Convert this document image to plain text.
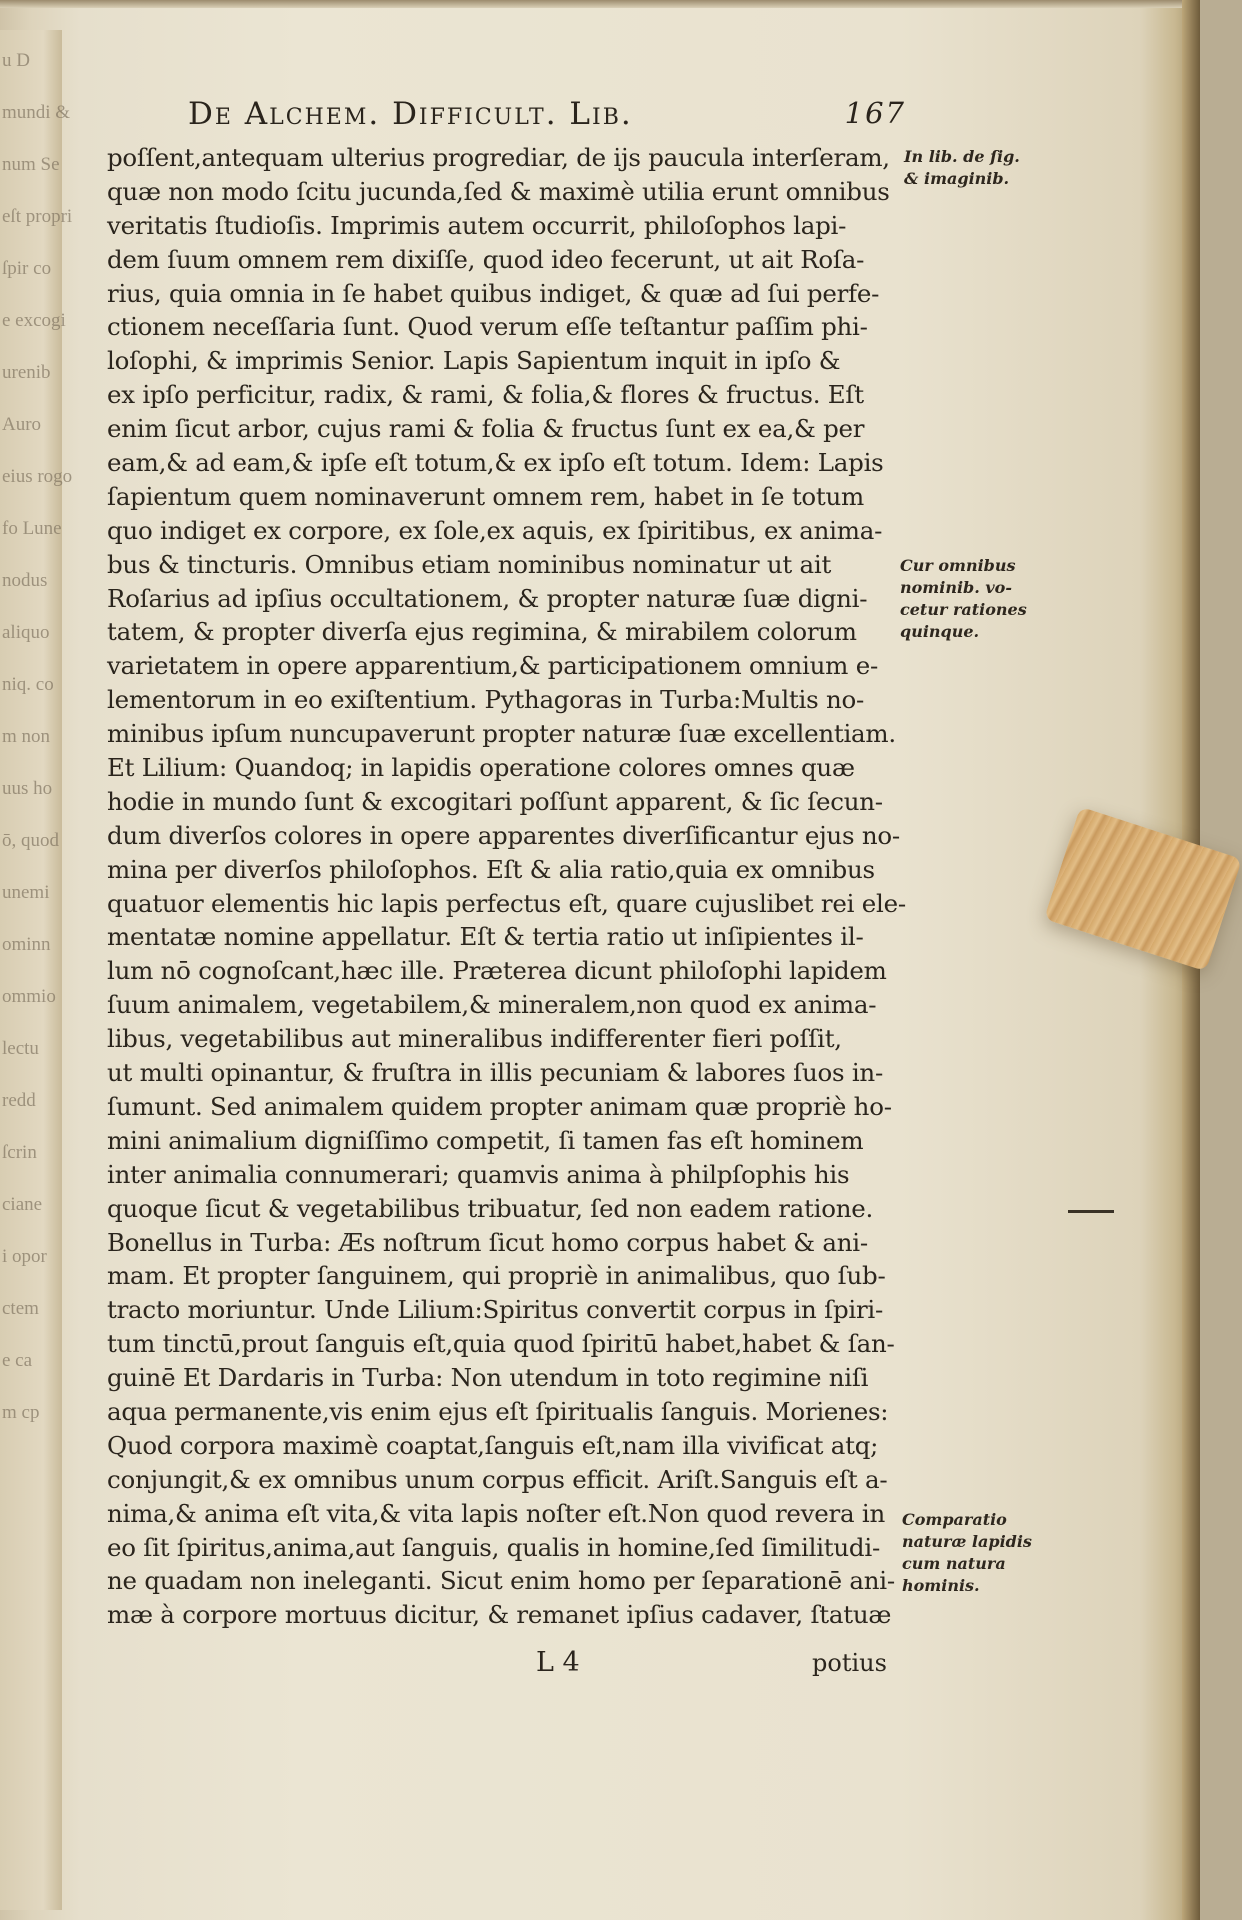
u D
mundi &
num Se
eſt propri
ſpir co
e excogi
urenib
Auro
eius rogo
fo Lune
nodus
aliquo
niq. co
m non
uus ho
ō, quod
unemi
ominn
ommio
lectu
redd
ſcrin
ciane
i opor
ctem
e ca
m cp
De Alchem. Difficult. Lib.	167
poſſent,antequam ulterius progrediar, de ijs paucula interſeram,
quæ non modo ſcitu jucunda,ſed & maximè utilia erunt omnibus
veritatis ſtudioſis. Imprimis autem occurrit, philoſophos lapi-
dem ſuum omnem rem dixiſſe, quod ideo fecerunt, ut ait Roſa-
rius, quia omnia in ſe habet quibus indiget, & quæ ad ſui perfe-
ctionem neceſſaria ſunt. Quod verum eſſe teſtantur paſſim phi-
loſophi, & imprimis Senior. Lapis Sapientum inquit in ipſo &
ex ipſo perficitur, radix, & rami, & folia,& flores & fructus. Eſt
enim ſicut arbor, cujus rami & folia & fructus ſunt ex ea,& per
eam,& ad eam,& ipſe eſt totum,& ex ipſo eſt totum. Idem: Lapis
ſapientum quem nominaverunt omnem rem, habet in ſe totum
quo indiget ex corpore, ex ſole,ex aquis, ex ſpiritibus, ex anima-
bus & tincturis. Omnibus etiam nominibus nominatur ut ait
Roſarius ad ipſius occultationem, & propter naturæ ſuæ digni-
tatem, & propter diverſa ejus regimina, & mirabilem colorum
varietatem in opere apparentium,& participationem omnium e-
lementorum in eo exiſtentium. Pythagoras in Turba:Multis no-
minibus ipſum nuncupaverunt propter naturæ ſuæ excellentiam.
Et Lilium: Quandoq; in lapidis operatione colores omnes quæ
hodie in mundo ſunt & excogitari poſſunt apparent, & ſic ſecun-
dum diverſos colores in opere apparentes diverſificantur ejus no-
mina per diverſos philoſophos. Eſt & alia ratio,quia ex omnibus
quatuor elementis hic lapis perfectus eſt, quare cujuslibet rei ele-
mentatæ nomine appellatur. Eſt & tertia ratio ut inſipientes il-
lum nō cognoſcant,hæc ille. Præterea dicunt philoſophi lapidem
ſuum animalem, vegetabilem,& mineralem,non quod ex anima-
libus, vegetabilibus aut mineralibus indifferenter fieri poſſit,
ut multi opinantur, & fruſtra in illis pecuniam & labores ſuos in-
ſumunt. Sed animalem quidem propter animam quæ propriè ho-
mini animalium digniſſimo competit, ſi tamen fas eſt hominem
inter animalia connumerari; quamvis anima à philpſophis his
quoque ſicut & vegetabilibus tribuatur, ſed non eadem ratione.
Bonellus in Turba: Æs noſtrum ſicut homo corpus habet & ani-
mam. Et propter ſanguinem, qui propriè in animalibus, quo ſub-
tracto moriuntur. Unde Lilium:Spiritus convertit corpus in ſpiri-
tum tinctū,prout ſanguis eſt,quia quod ſpiritū habet,habet & ſan-
guinē Et Dardaris in Turba: Non utendum in toto regimine niſi
aqua permanente,vis enim ejus eſt ſpiritualis ſanguis. Morienes:
Quod corpora maximè coaptat,ſanguis eſt,nam illa vivificat atq;
conjungit,& ex omnibus unum corpus efficit. Ariſt.Sanguis eſt a-
nima,& anima eſt vita,& vita lapis noſter eſt.Non quod revera in
eo ſit ſpiritus,anima,aut ſanguis, qualis in homine,ſed ſimilitudi-
ne quadam non ineleganti. Sicut enim homo per ſeparationē ani-
mæ à corpore mortuus dicitur, & remanet ipſius cadaver, ſtatuæ
In lib. de ſig.
& imaginib.
Cur omnibus
nominib. vo-
cetur rationes
quinque.
Comparatio
naturæ lapidis
cum natura
hominis.
L 4	potius
